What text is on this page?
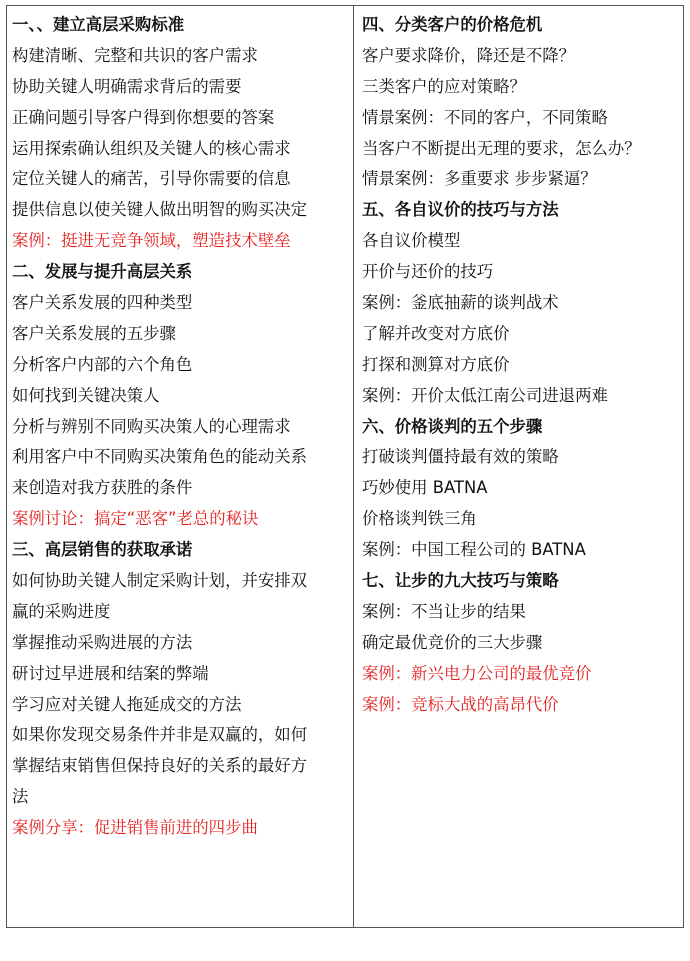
一、、建立高层采购标准
构建清晰、完整和共识的客户需求
协助关键人明确需求背后的需要
正确问题引导客户得到你想要的答案
运用探索确认组织及关键人的核心需求
定位关键人的痛苦，引导你需要的信息
提供信息以使关键人做出明智的购买决定
案例：挺进无竞争领域，塑造技术壁垒
二、发展与提升高层关系
客户关系发展的四种类型
客户关系发展的五步骤
分析客户内部的六个角色
如何找到关键决策人
分析与辨别不同购买决策人的心理需求
利用客户中不同购买决策角色的能动关系
来创造对我方获胜的条件
案例讨论：搞定“恶客”老总的秘诀
三、高层销售的获取承诺
如何协助关键人制定采购计划，并安排双
赢的采购进度
掌握推动采购进展的方法
研讨过早进展和结案的弊端
学习应对关键人拖延成交的方法
如果你发现交易条件并非是双赢的，如何
掌握结束销售但保持良好的关系的最好方
法
案例分享：促进销售前进的四步曲
四、分类客户的价格危机
客户要求降价，降还是不降？
三类客户的应对策略？
情景案例：不同的客户，不同策略
当客户不断提出无理的要求，怎么办？
情景案例：多重要求 步步紧逼？
五、各自议价的技巧与方法
各自议价模型
开价与还价的技巧
案例：釜底抽薪的谈判战术
了解并改变对方底价
打探和测算对方底价
案例：开价太低江南公司进退两难
六、价格谈判的五个步骤
打破谈判僵持最有效的策略
巧妙使用 BATNA
价格谈判铁三角
案例：中国工程公司的 BATNA
七、让步的九大技巧与策略
案例：不当让步的结果
确定最优竞价的三大步骤
案例：新兴电力公司的最优竞价
案例：竞标大战的高昂代价
